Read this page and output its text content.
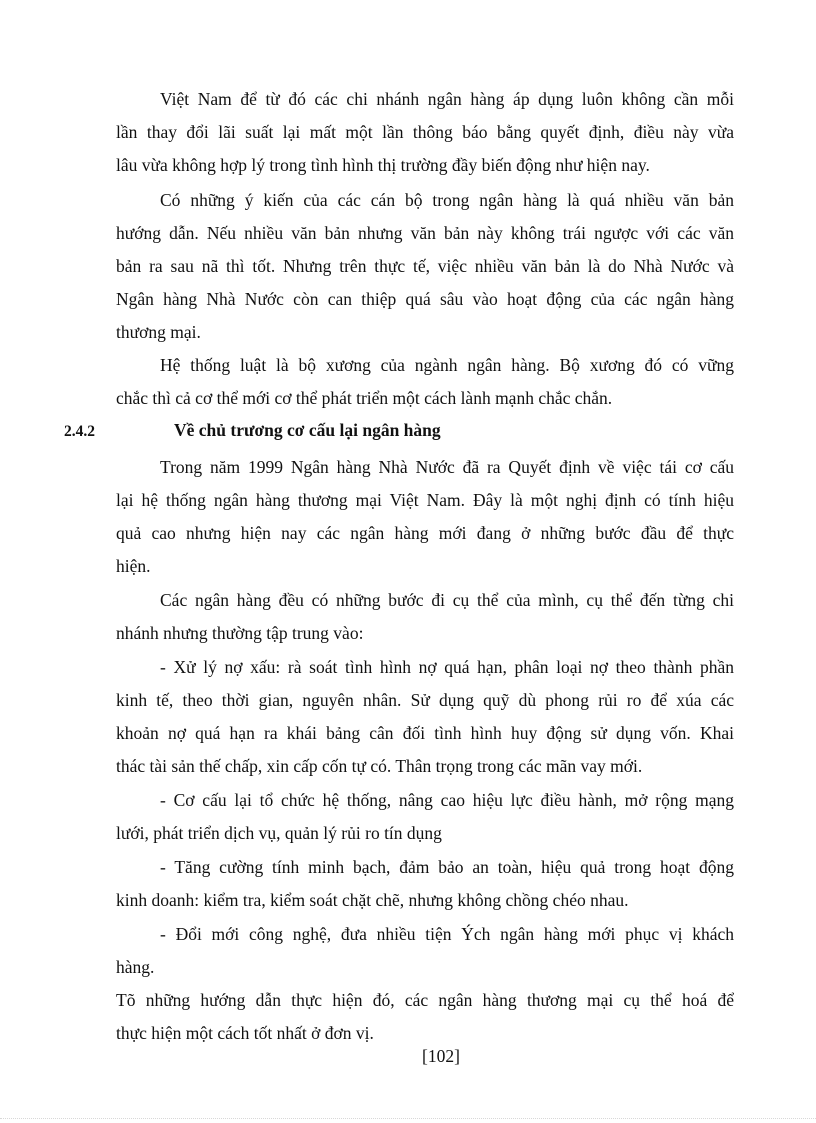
Việt Nam để từ đó các chi nhánh ngân hàng áp dụng luôn không cần mỗi
lần thay đổi lãi suất lại mất một lần thông báo bằng quyết định, điều này vừa
lâu vừa không hợp lý trong tình hình thị trường đầy biến động như hiện nay.
Có những ý kiến của các cán bộ trong ngân hàng là quá nhiều văn bản
hướng dẫn. Nếu nhiều văn bản nhưng văn bản này không trái ngược với các văn
bản ra sau nã thì tốt. Nhưng trên thực tế, việc nhiều văn bản là do Nhà Nước và
Ngân hàng Nhà Nước còn can thiệp quá sâu vào hoạt động của các ngân hàng
thương mại.
Hệ thống luật là bộ xương của ngành ngân hàng. Bộ xương đó có vững
chắc thì cả cơ thể mới cơ thể phát triển một cách lành mạnh chắc chắn.
2.4.2	Về chủ trương cơ cấu lại ngân hàng
Trong năm 1999 Ngân hàng Nhà Nước đã ra Quyết định về việc tái cơ cấu
lại hệ thống ngân hàng thương mại Việt Nam. Đây là một nghị định có tính hiệu
quả cao nhưng hiện nay các ngân hàng mới đang ở những bước đầu để thực
hiện.
Các ngân hàng đều có những bước đi cụ thể của mình, cụ thể đến từng chi
nhánh nhưng thường tập trung vào:
- Xử lý nợ xấu: rà soát tình hình nợ quá hạn, phân loại nợ theo thành phần
kinh tế, theo thời gian, nguyên nhân. Sử dụng quỹ dù phong rủi ro để xúa các
khoản nợ quá hạn ra khái bảng cân đối tình hình huy động sử dụng vốn. Khai
thác tài sản thế chấp, xin cấp cốn tự có. Thân trọng trong các mãn vay mới.
- Cơ cấu lại tổ chức hệ thống, nâng cao hiệu lực điều hành, mở rộng mạng
lưới, phát triển dịch vụ, quản lý rủi ro tín dụng
- Tăng cường tính minh bạch, đảm bảo an toàn, hiệu quả trong hoạt động
kinh doanh: kiểm tra, kiểm soát chặt chẽ, nhưng không chồng chéo nhau.
- Đổi mới công nghệ, đưa nhiều tiện Ých ngân hàng mới phục vị khách
hàng.
Tõ những hướng dẫn thực hiện đó, các ngân hàng thương mại cụ thể hoá để
thực hiện một cách tốt nhất ở đơn vị.
[102]
